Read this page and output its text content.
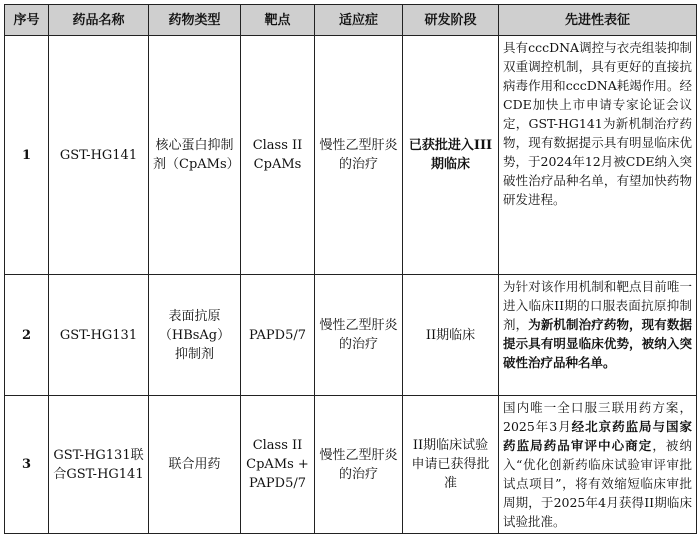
序号	药品名称	药物类型	靶点	适应症	研发阶段	先进性表征
1	GST-HG141	核心蛋白抑制剂（CpAMs）	Class II CpAMs	慢性乙型肝炎的治疗	已获批进入III期临床	具有cccDNA调控与衣壳组装抑制双重调控机制，具有更好的直接抗病毒作用和cccDNA耗竭作用。经CDE加快上市申请专家论证会议定，GST-HG141为新机制治疗药物，现有数据提示具有明显临床优势，于2024年12月被CDE纳入突破性治疗品种名单，有望加快药物研发进程。
2	GST-HG131	表面抗原（HBsAg）抑制剂	PAPD5/7	慢性乙型肝炎的治疗	II期临床	为针对该作用机制和靶点目前唯一进入临床II期的口服表面抗原抑制剂，为新机制治疗药物，现有数据提示具有明显临床优势，被纳入突破性治疗品种名单。
3	GST-HG131联合GST-HG141	联合用药	Class II CpAMs + PAPD5/7	慢性乙型肝炎的治疗	II期临床试验申请已获得批准	国内唯一全口服三联用药方案，2025年3月经北京药监局与国家药监局药品审评中心商定，被纳入“优化创新药临床试验审评审批试点项目”，将有效缩短临床审批周期，于2025年4月获得II期临床试验批准。
